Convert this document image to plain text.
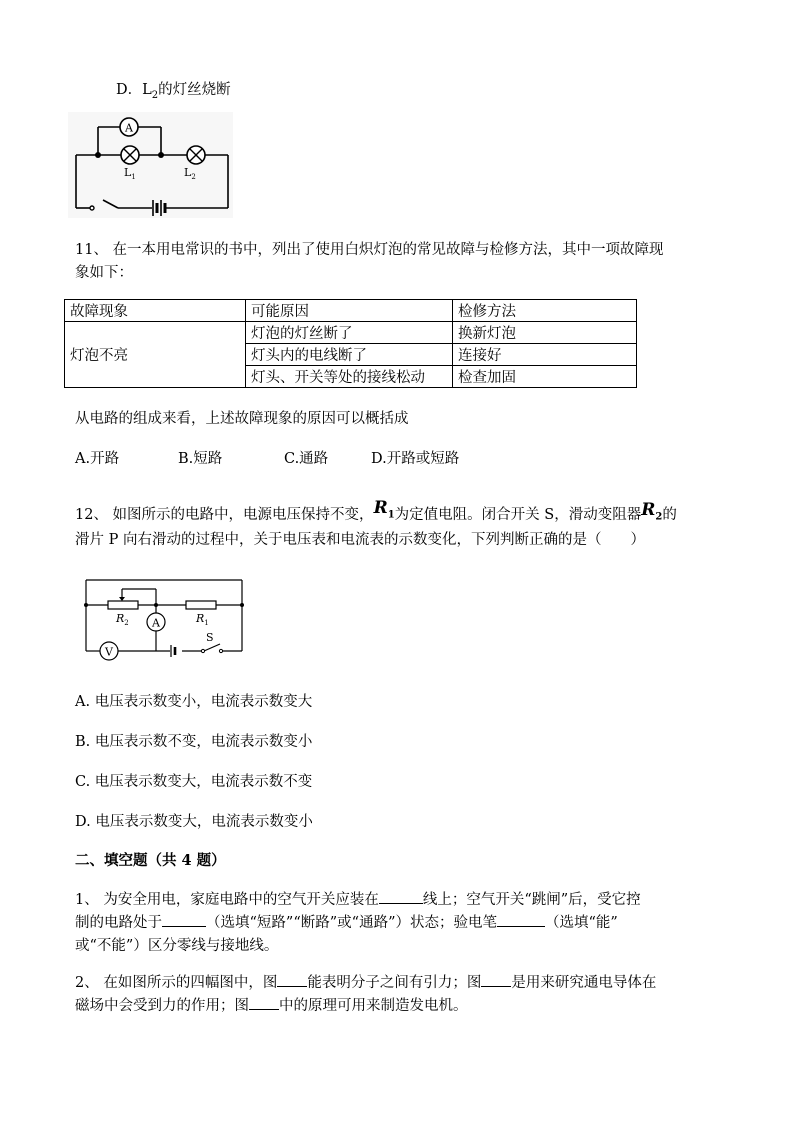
D．$L_2$的灯丝烧断
A
$L_1$	$L_2$
11、 在一本用电常识的书中，列出了使用白炽灯泡的常见故障与检修方法，其中一项故障现
象如下：
故障现象	可能原因	检修方法
灯泡不亮	灯泡的灯丝断了	换新灯泡
	灯头内的电线断了	连接好
	灯头、开关等处的接线松动	检查加固
从电路的组成来看，上述故障现象的原因可以概括成
A.开路	B.短路	C.通路	D.开路或短路
12、 如图所示的电路中，电源电压保持不变，$R_1$为定值电阻。闭合开关 S，滑动变阻器$R_2$的
滑片 P 向右滑动的过程中，关于电压表和电流表的示数变化，下列判断正确的是（　　）
A
V
$R_2$	$R_1$
S
A. 电压表示数变小，电流表示数变大
B. 电压表示数不变，电流表示数变小
C. 电压表示数变大，电流表示数不变
D. 电压表示数变大，电流表示数变小
二、填空题（共 4 题）
1、 为安全用电，家庭电路中的空气开关应装在	线上；空气开关“跳闸”后，受它控
制的电路处于	（选填“短路”“断路”或“通路”）状态；验电笔	（选填“能”
或“不能”）区分零线与接地线。
2、 在如图所示的四幅图中，图 能表明分子之间有引力；图 是用来研究通电导体在
磁场中会受到力的作用；图 中的原理可用来制造发电机。
